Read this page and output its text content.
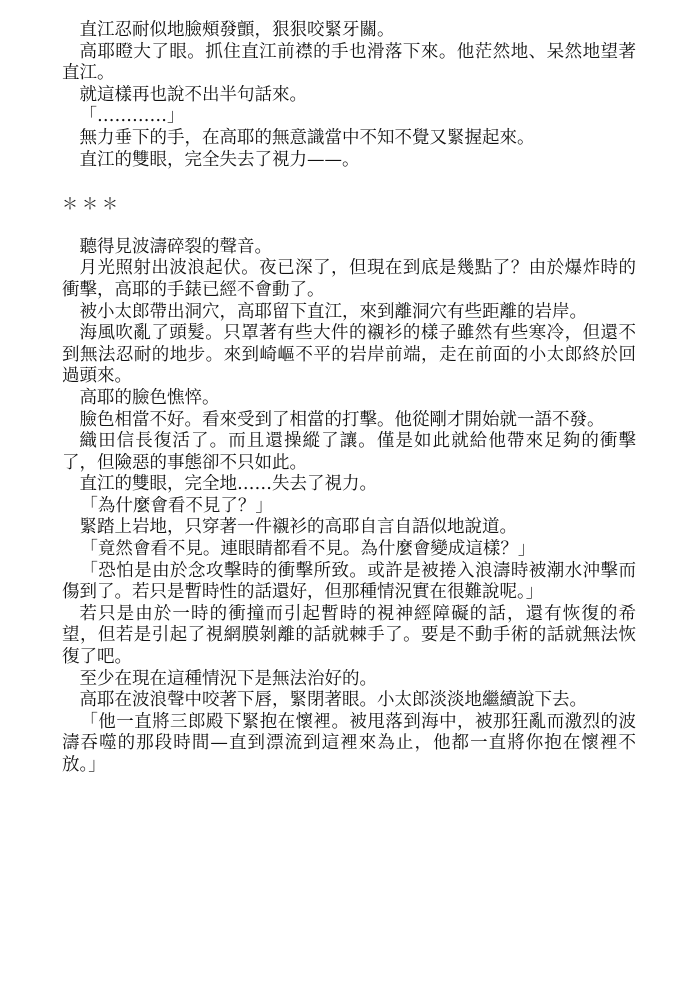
直江忍耐似地臉頰發顫，狠狠咬緊牙關。

高耶瞪大了眼。抓住直江前襟的手也滑落下來。他茫然地、呆然地望著直江。

就這樣再也說不出半句話來。

「…………」

無力垂下的手，在高耶的無意識當中不知不覺又緊握起來。

直江的雙眼，完全失去了視力——。

＊＊＊

聽得見波濤碎裂的聲音。

月光照射出波浪起伏。夜已深了，但現在到底是幾點了？由於爆炸時的衝擊，高耶的手錶已經不會動了。

被小太郎帶出洞穴，高耶留下直江，來到離洞穴有些距離的岩岸。

海風吹亂了頭髮。只罩著有些大件的襯衫的樣子雖然有些寒冷，但還不到無法忍耐的地步。來到崎嶇不平的岩岸前端，走在前面的小太郎終於回過頭來。

高耶的臉色憔悴。

臉色相當不好。看來受到了相當的打擊。他從剛才開始就一語不發。

織田信長復活了。而且還操縱了讓。僅是如此就給他帶來足夠的衝擊了，但險惡的事態卻不只如此。

直江的雙眼，完全地……失去了視力。

「為什麼會看不見了？」

緊踏上岩地，只穿著一件襯衫的高耶自言自語似地說道。

「竟然會看不見。連眼睛都看不見。為什麼會變成這樣？」

「恐怕是由於念攻擊時的衝擊所致。或許是被捲入浪濤時被潮水沖擊而傷到了。若只是暫時性的話還好，但那種情況實在很難說呢。」

若只是由於一時的衝撞而引起暫時的視神經障礙的話，還有恢復的希望，但若是引起了視網膜剝離的話就棘手了。要是不動手術的話就無法恢復了吧。

至少在現在這種情況下是無法治好的。

高耶在波浪聲中咬著下唇，緊閉著眼。小太郎淡淡地繼續說下去。

「他一直將三郎殿下緊抱在懷裡。被甩落到海中，被那狂亂而激烈的波濤吞噬的那段時間—直到漂流到這裡來為止，他都一直將你抱在懷裡不放。」
